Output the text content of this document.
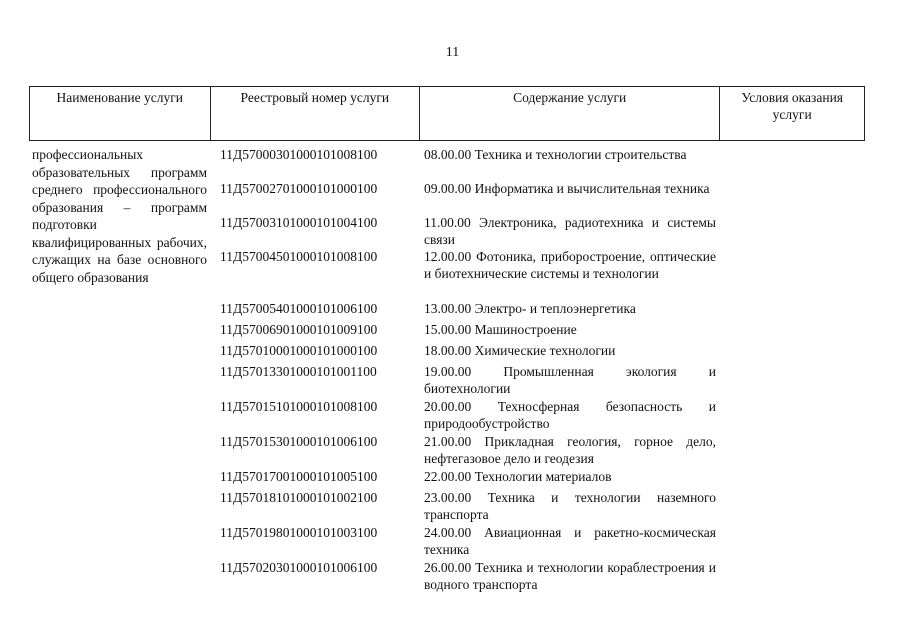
11
Наименование услуги	Реестровый номер услуги	Содержание услуги	Условия оказания услуги
профессиональных образовательных программ среднего профессионального образования – программ подготовки квалифицированных рабочих, служащих на базе основного общего образования
11Д57000301000101008100	08.00.00 Техника и технологии строительства
11Д57002701000101000100	09.00.00 Информатика и вычислительная техника
11Д57003101000101004100	11.00.00 Электроника, радиотехника и системы связи
11Д57004501000101008100	12.00.00 Фотоника, приборостроение, оптические и биотехнические системы и технологии
11Д57005401000101006100	13.00.00 Электро- и теплоэнергетика
11Д57006901000101009100	15.00.00 Машиностроение
11Д57010001000101000100	18.00.00 Химические технологии
11Д57013301000101001100	19.00.00 Промышленная экология и биотехнологии
11Д57015101000101008100	20.00.00 Техносферная безопасность и природообустройство
11Д57015301000101006100	21.00.00 Прикладная геология, горное дело, нефтегазовое дело и геодезия
11Д57017001000101005100	22.00.00 Технологии материалов
11Д57018101000101002100	23.00.00 Техника и технологии наземного транспорта
11Д57019801000101003100	24.00.00 Авиационная и ракетно-космическая техника
11Д57020301000101006100	26.00.00 Техника и технологии кораблестроения и водного транспорта
